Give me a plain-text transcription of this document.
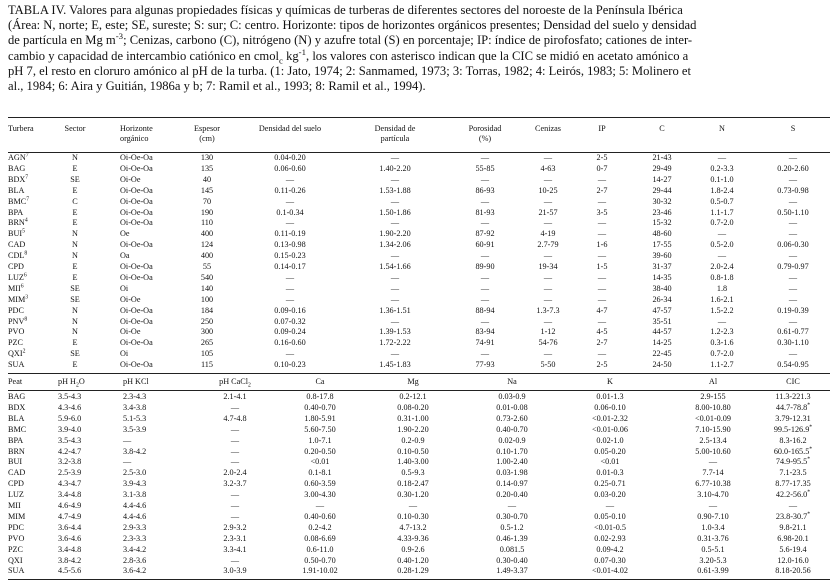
TABLA IV. Valores para algunas propiedades físicas y químicas de turberas de diferentes sectores del noroeste de la Península Ibérica

(Área: N, norte; E, este; SE, sureste; S: sur; C: centro. Horizonte: tipos de horizontes orgánicos presentes; Densidad del suelo y densidad

de partícula en Mg $m^{-3}$; Cenizas, carbono (C), nitrógeno (N) y azufre total (S) en porcentaje; IP: índice de pirofosfato; cationes de inter-

cambio y capacidad de intercambio catiónico en cmol$_c$ $kg^{-1}$, los valores con asterisco indican que la CIC se midió en acetato amónico a

pH 7, el resto en cloruro amónico al pH de la turba. (1: Jato, 1974; 2: Sanmamed, 1973; 3: Torras, 1982; 4: Leirós, 1983; 5: Molinero et

al., 1984; 6: Aira y Guitián, 1986a y b; 7: Ramil et al., 1993; 8: Ramil et al., 1994).

Turbera	Sector	Horizonte
orgánico
Espesor
(cm)
Densidad del suelo	Densidad de
partícula
Porosidad
(%)
Cenizas	IP	C	N	S
AGN$^7$	N	Oi-Oe-Oa	130	0.04-0.20	—	—	—	2-5	21-43	—	—
BAG	E	Oi-Oe-Oa	135	0.06-0.60	1.40-2.20	55-85	4-63	0-7	29-49	0.2-3.3	0.20-2.60
BDX$^7$	SE	Oi-Oe	40	—	—	—	—	—	14-27	0.1-1.0	—
BLA	E	Oi-Oe-Oa	145	0.11-0.26	1.53-1.88	86-93	10-25	2-7	29-44	1.8-2.4	0.73-0.98
BMC$^7$	C	Oi-Oe-Oa	70	—	—	—	—	—	30-32	0.5-0.7	—
BPA	E	Oi-Oe-Oa	190	0.1-0.34	1.50-1.86	81-93	21-57	3-5	23-46	1.1-1.7	0.50-1.10
BRN$^4$	E	Oi-Oe-Oa	110	—	—	—	—	—	15-32	0.7-2.0	—
BUI$^5$	N	Oe	400	0.11-0.19	1.90-2.20	87-92	4-19	—	48-60	—	—
CAD	N	Oi-Oe-Oa	124	0.13-0.98	1.34-2.06	60-91	2.7-79	1-6	17-55	0.5-2.0	0.06-0.30
CDL$^8$	N	Oa	400	0.15-0.23	—	—	—	—	39-60	—	—
CPD	E	Oi-Oe-Oa	55	0.14-0.17	1.54-1.66	89-90	19-34	1-5	31-37	2.0-2.4	0.79-0.97
LUZ$^6$	E	Oi-Oe-Oa	540	—	—	—	—	—	14-35	0.8-1.8	—
MII$^6$	SE	Oi	140	—	—	—	—	—	38-40	1.8	—
MIM$^3$	SE	Oi-Oe	100	—	—	—	—	—	26-34	1.6-2.1	—
PDC	N	Oi-Oe-Oa	184	0.09-0.16	1.36-1.51	88-94	1.3-7.3	4-7	47-57	1.5-2.2	0.19-0.39
PNV$^8$	N	Oi-Oe-Oa	250	0.07-0.32	—	—	—	—	35-51	—	—
PVO	N	Oi-Oe	300	0.09-0.24	1.39-1.53	83-94	1-12	4-5	44-57	1.2-2.3	0.61-0.77
PZC	E	Oi-Oe-Oa	265	0.16-0.60	1.72-2.22	74-91	54-76	2-7	14-25	0.3-1.6	0.30-1.10
QXI$^2$	SE	Oi	105	—	—	—	—	—	22-45	0.7-2.0	—
SUA	E	Oi-Oe-Oa	115	0.10-0.23	1.45-1.83	77-93	5-50	2-5	24-50	1.1-2.7	0.54-0.95
Peat	pH $H_2O$	pH KCl	pH CaCl$_2$	Ca	Mg	Na	K	Al	CIC
BAG	3.5-4.3	2.3-4.3	2.1-4.1	0.8-17.8	0.2-12.1	0.03-0.9	0.01-1.3	2.9-155	11.3-221.3
BDX	4.3-4.6	3.4-3.8	—	0.40-0.70	0.08-0.20	0.01-0.08	0.06-0.10	8.00-10.80	44.7-78.8*
BLA	5.9-6.0	5.1-5.3	4.7-4.8	1.80-5.91	0.31-1.00	0.73-2.60	<0.01-2.32	<0.01-0.09	3.79-12.31
BMC	3.9-4.0	3.5-3.9	—	5.60-7.50	1.90-2.20	0.40-0.70	<0.01-0.06	7.10-15.90	99.5-126.9*
BPA	3.5-4.3	—	—	1.0-7.1	0.2-0.9	0.02-0.9	0.02-1.0	2.5-13.4	8.3-16.2
BRN	4.2-4.7	3.8-4.2	—	0.20-0.50	0.10-0.50	0.10-1.70	0.05-0.20	5.00-10.60	60.0-165.5*
BUI	3.2-3.8	—	—	<0.01	1.40-3.00	1.00-2.40	<0.01	—	74.9-95.5*
CAD	2.5-3.9	2.5-3.0	2.0-2.4	0.1-8.1	0.5-9.3	0.03-1.98	0.01-0.3	7.7-14	7.1-23.5
CPD	4.3-4.7	3.9-4.3	3.2-3.7	0.60-3.59	0.18-2.47	0.14-0.97	0.25-0.71	6.77-10.38	8.77-17.35
LUZ	3.4-4.8	3.1-3.8	—	3.00-4.30	0.30-1.20	0.20-0.40	0.03-0.20	3.10-4.70	42.2-56.0*
MII	4.6-4.9	4.4-4.6	—	—	—	—	—	—	—
MIM	4.7-4.9	4.4-4.6	—	0.40-0.60	0.10-0.30	0.30-0.70	0.05-0.10	0.90-7.10	23.8-30.7*
PDC	3.6-4.4	2.9-3.3	2.9-3.2	0.2-4.2	4.7-13.2	0.5-1.2	<0.01-0.5	1.0-3.4	9.8-21.1
PVO	3.6-4.6	2.3-3.3	2.3-3.1	0.08-6.69	4.33-9.36	0.46-1.39	0.02-2.93	0.31-3.76	6.98-20.1
PZC	3.4-4.8	3.4-4.2	3.3-4.1	0.6-11.0	0.9-2.6	0.081.5	0.09-4.2	0.5-5.1	5.6-19.4
QXI	3.8-4.2	2.8-3.6	—	0.50-0.70	0.40-1.20	0.30-0.40	0.07-0.30	3.20-5.3	12.0-16.0
SUA	4.5-5.6	3.6-4.2	3.0-3.9	1.91-10.02	0.28-1.29	1.49-3.37	<0.01-4.02	0.61-3.99	8.18-20.56
